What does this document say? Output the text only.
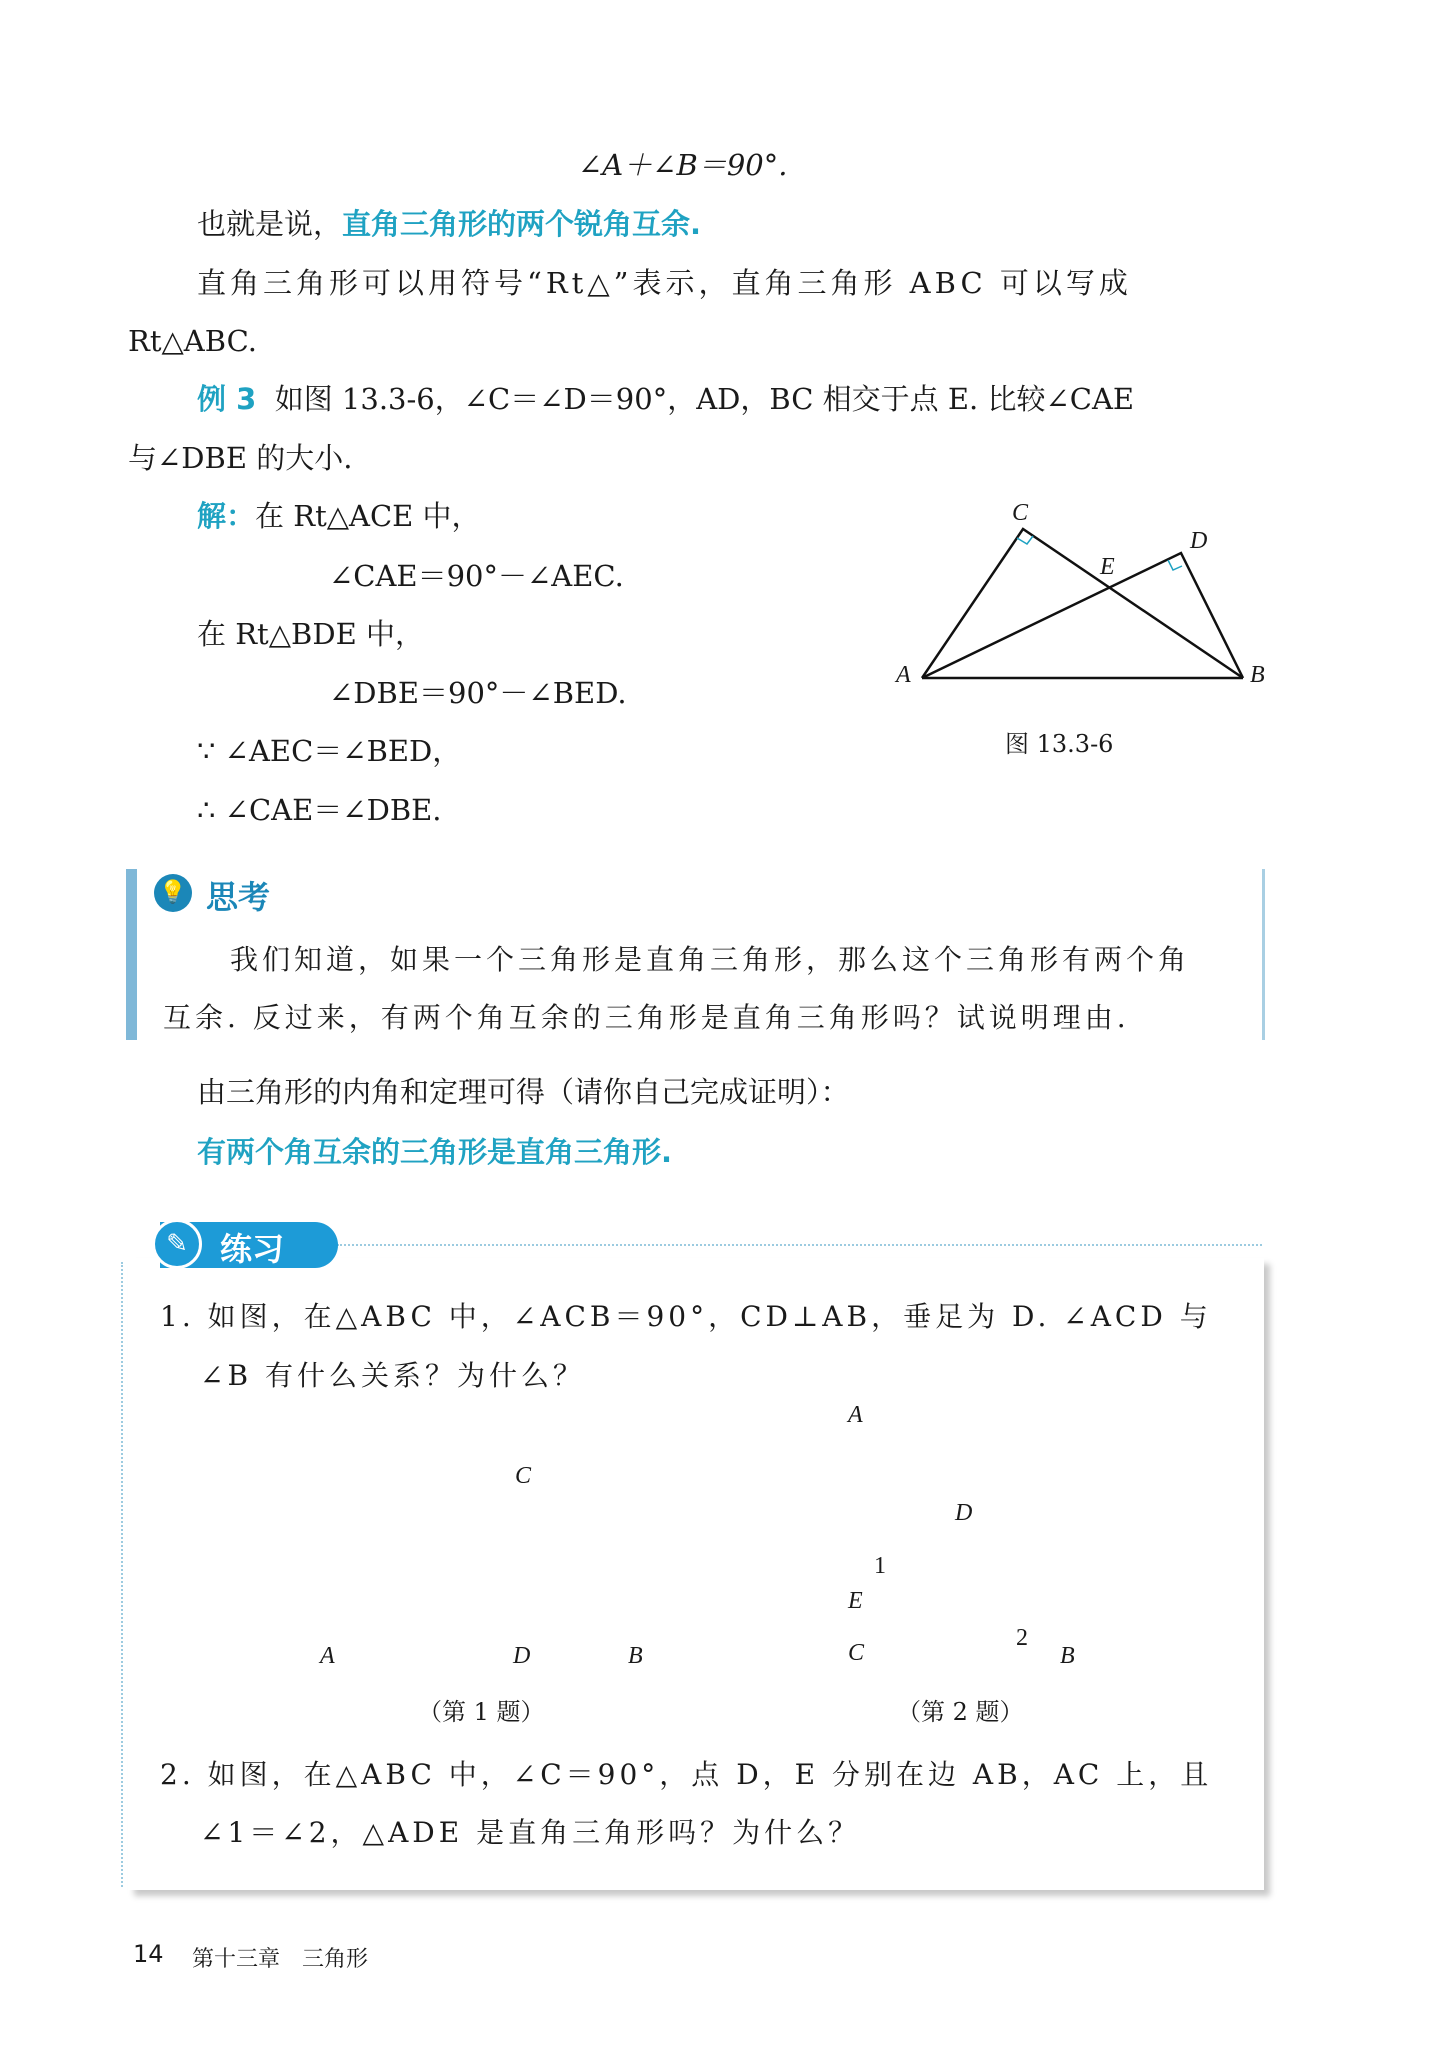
∠A＋∠B＝90°.
也就是说，直角三角形的两个锐角互余.
直角三角形可以用符号“Rt△”表示，直角三角形 ABC 可以写成
Rt△ABC.
例 3 如图 13.3-6，∠C＝∠D＝90°，AD，BC 相交于点 E. 比较∠CAE
与∠DBE 的大小.
解：在 Rt△ACE 中，
∠CAE＝90°－∠AEC.
在 Rt△BDE 中，
∠DBE＝90°－∠BED.
∵ ∠AEC＝∠BED，
∴ ∠CAE＝∠DBE.
C
D
E
A	B
图 13.3-6
💡 思考
我们知道，如果一个三角形是直角三角形，那么这个三角形有两个角
互余. 反过来，有两个角互余的三角形是直角三角形吗？试说明理由.
由三角形的内角和定理可得（请你自己完成证明）：
有两个角互余的三角形是直角三角形.
✎	练习
1. 如图，在△ABC 中，∠ACB＝90°，CD⊥AB，垂足为 D. ∠ACD 与
∠B 有什么关系？为什么？
C
A	D	B
（第 1 题）
A
D
1
E
C
2
B
（第 2 题）
2. 如图，在△ABC 中，∠C＝90°，点 D，E 分别在边 AB，AC 上，且
∠1＝∠2，△ADE 是直角三角形吗？为什么？
14 第十三章　三角形
